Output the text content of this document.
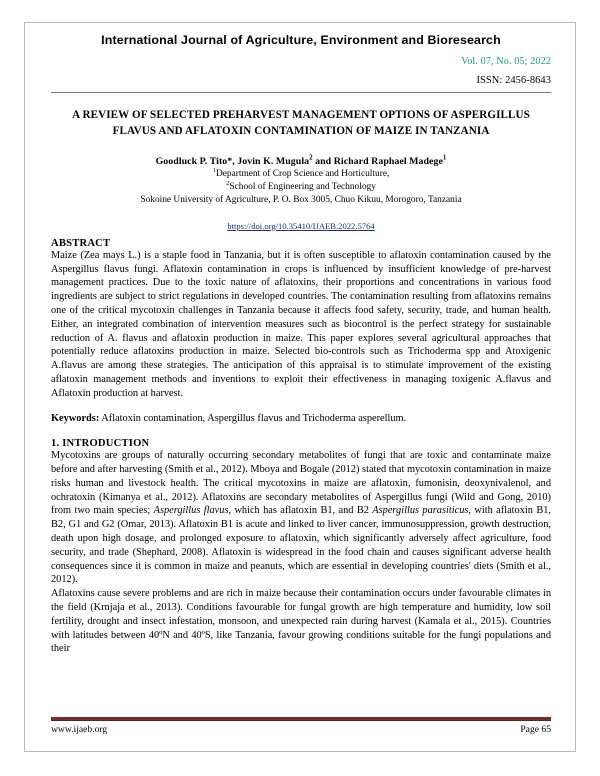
International Journal of Agriculture, Environment and Bioresearch
Vol. 07, No. 05; 2022
ISSN: 2456-8643
A REVIEW OF SELECTED PREHARVEST MANAGEMENT OPTIONS OF ASPERGILLUS FLAVUS AND AFLATOXIN CONTAMINATION OF MAIZE IN TANZANIA
Goodluck P. Tito*, Jovin K. Mugula$^2$ and Richard Raphael Madege$^1$
$^1$Department of Crop Science and Horticulture,
$^2$School of Engineering and Technology
Sokoine University of Agriculture, P. O. Box 3005, Chuo Kikuu, Morogoro, Tanzania
https://doi.org/10.35410/IJAEB.2022.5764
ABSTRACT

Maize (Zea mays L.) is a staple food in Tanzania, but it is often susceptible to aflatoxin contamination caused by the Aspergillus flavus fungi. Aflatoxin contamination in crops is influenced by insufficient knowledge of pre-harvest management practices. Due to the toxic nature of aflatoxins, their proportions and concentrations in various food ingredients are subject to strict regulations in developed countries. The contamination resulting from aflatoxins remains one of the critical mycotoxin challenges in Tanzania because it affects food safety, security, trade, and human health. Either, an integrated combination of intervention measures such as biocontrol is the perfect strategy for sustainable reduction of A. flavus and aflatoxin production in maize. This paper explores several agricultural approaches that potentially reduce aflatoxins production in maize. Selected bio-controls such as Trichoderma spp and Atoxigenic A.flavus are among these strategies. The anticipation of this appraisal is to stimulate improvement of the existing aflatoxin management methods and inventions to exploit their effectiveness in managing toxigenic A.flavus and Aflatoxin production at harvest.

Keywords: Aflatoxin contamination, Aspergillus flavus and Trichoderma asperellum.

1. INTRODUCTION

Mycotoxins are groups of naturally occurring secondary metabolites of fungi that are toxic and contaminate maize before and after harvesting (Smith et al., 2012). Mboya and Bogale (2012) stated that mycotoxin contamination in maize risks human and livestock health. The critical mycotoxins in maize are aflatoxin, fumonisin, deoxynivalenol, and ochratoxin (Kimanya et al., 2012). Aflatoxins are secondary metabolites of Aspergillus fungi (Wild and Gong, 2010) from two main species; Aspergillus flavus, which has aflatoxin B1, and B2 Aspergillus parasiticus, with aflatoxin B1, B2, G1 and G2 (Omar, 2013). Aflatoxin B1 is acute and linked to liver cancer, immunosuppression, growth destruction, death upon high dosage, and prolonged exposure to aflatoxin, which significantly adversely affect agriculture, food security, and trade (Shephard, 2008). Aflatoxin is widespread in the food chain and causes significant adverse health consequences since it is common in maize and peanuts, which are essential in developing countries' diets (Smith et al., 2012).

Aflatoxins cause severe problems and are rich in maize because their contamination occurs under favourable climates in the field (Krnjaja et al., 2013). Conditions favourable for fungal growth are high temperature and humidity, low soil fertility, drought and insect infestation, monsoon, and unexpected rain during harvest (Kamala et al., 2015). Countries with latitudes between 40ºN and 40ºS, like Tanzania, favour growing conditions suitable for the fungi populations and their

www.ijaeb.org	Page 65
